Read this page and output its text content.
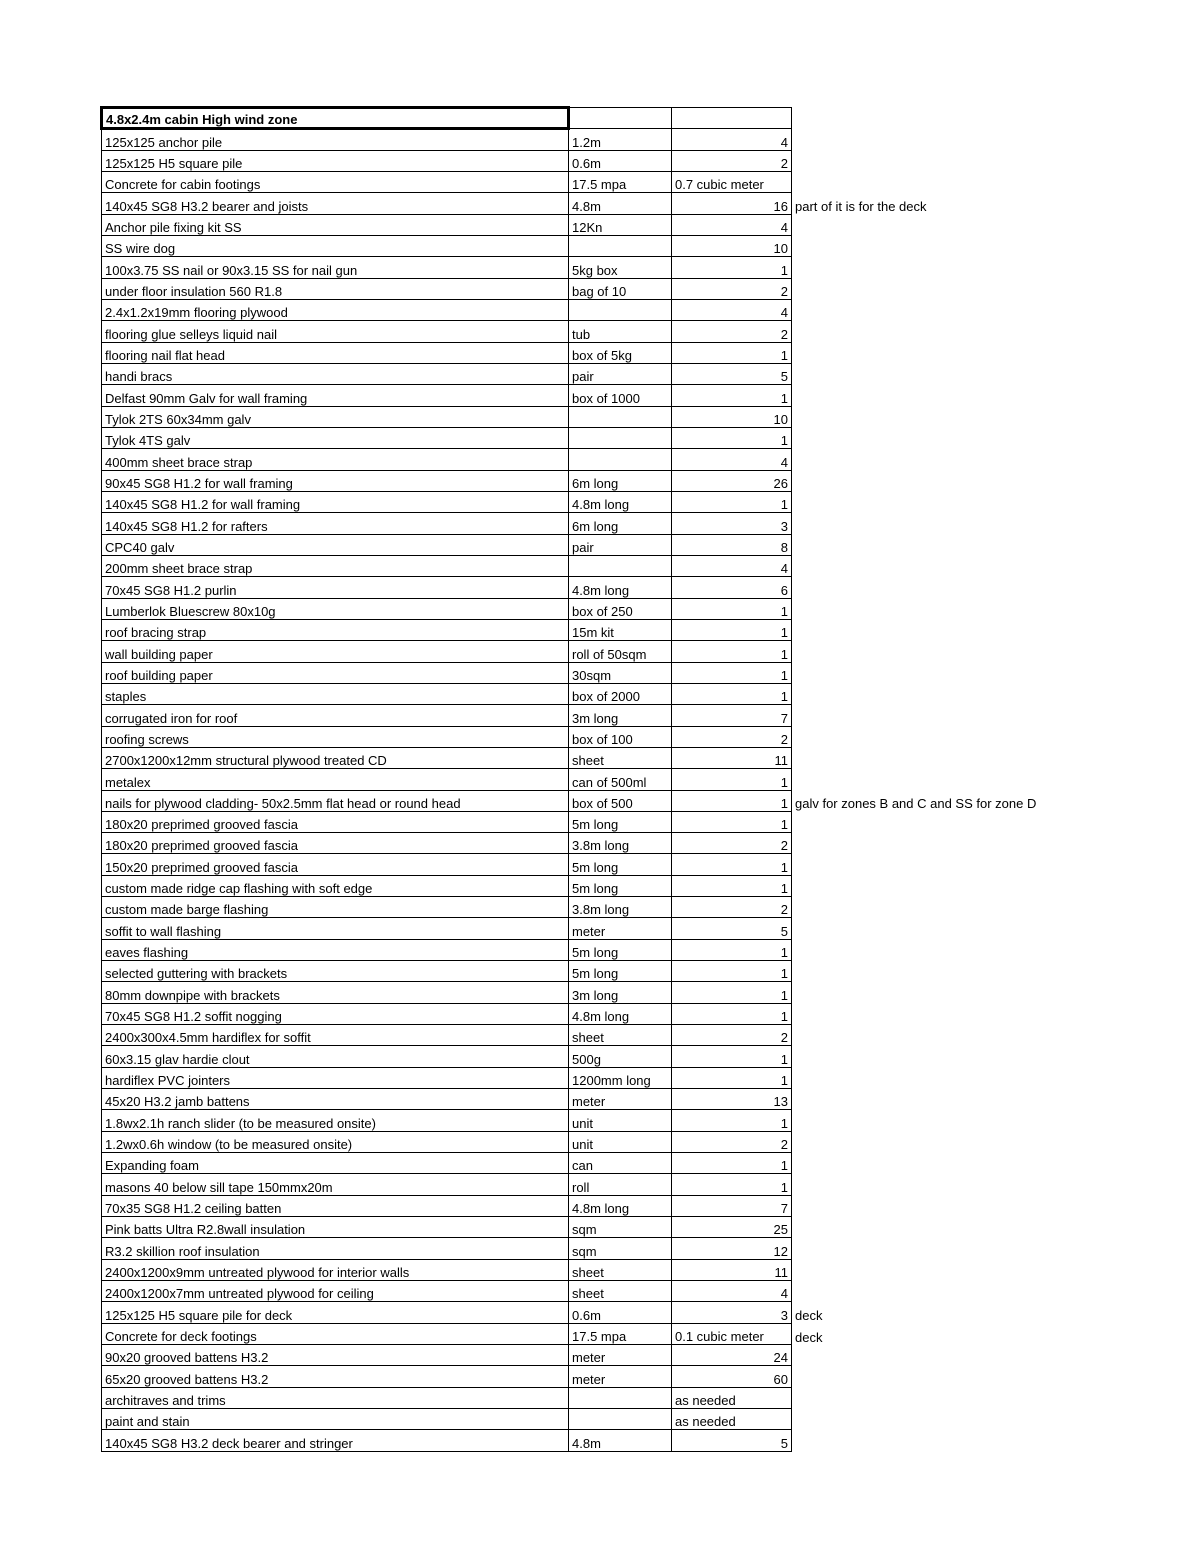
4.8x2.4m cabin High wind zone			
125x125 anchor pile	1.2m	4	
125x125 H5 square pile	0.6m	2	
Concrete for cabin footings	17.5 mpa	0.7 cubic meter	
140x45 SG8 H3.2 bearer and joists	4.8m	16	part of it is for the deck
Anchor pile fixing kit SS	12Kn	4	
SS wire dog		10	
100x3.75 SS nail or 90x3.15 SS for nail gun	5kg box	1	
under floor insulation 560 R1.8	bag of 10	2	
2.4x1.2x19mm flooring plywood		4	
flooring glue selleys liquid nail	tub	2	
flooring nail flat head	box of 5kg	1	
handi bracs	pair	5	
Delfast 90mm Galv for wall framing	box of 1000	1	
Tylok 2TS 60x34mm galv		10	
Tylok 4TS galv		1	
400mm sheet brace strap		4	
90x45 SG8 H1.2 for wall framing	6m long	26	
140x45 SG8 H1.2 for wall framing	4.8m long	1	
140x45 SG8 H1.2 for rafters	6m long	3	
CPC40 galv	pair	8	
200mm sheet brace strap		4	
70x45 SG8 H1.2 purlin	4.8m long	6	
Lumberlok Bluescrew 80x10g	box of 250	1	
roof bracing strap	15m kit	1	
wall building paper	roll of 50sqm	1	
roof building paper	30sqm	1	
staples	box of 2000	1	
corrugated iron for roof	3m long	7	
roofing screws	box of 100	2	
2700x1200x12mm structural plywood treated CD	sheet	11	
metalex	can of 500ml	1	
nails for plywood cladding- 50x2.5mm flat head or round head	box of 500	1	galv for zones B and C and SS for zone D
180x20 preprimed grooved fascia	5m long	1	
180x20 preprimed grooved fascia	3.8m long	2	
150x20 preprimed grooved fascia	5m long	1	
custom made ridge cap flashing with soft edge	5m long	1	
custom made barge flashing	3.8m long	2	
soffit to wall flashing	meter	5	
eaves flashing	5m long	1	
selected guttering with brackets	5m long	1	
80mm downpipe with brackets	3m long	1	
70x45 SG8 H1.2 soffit nogging	4.8m long	1	
2400x300x4.5mm hardiflex for soffit	sheet	2	
60x3.15 glav hardie clout	500g	1	
hardiflex PVC jointers	1200mm long	1	
45x20 H3.2 jamb battens	meter	13	
1.8wx2.1h ranch slider (to be measured onsite)	unit	1	
1.2wx0.6h window (to be measured onsite)	unit	2	
Expanding foam	can	1	
masons 40 below sill tape 150mmx20m	roll	1	
70x35 SG8 H1.2 ceiling batten	4.8m long	7	
Pink batts Ultra R2.8wall insulation	sqm	25	
R3.2 skillion roof insulation	sqm	12	
2400x1200x9mm untreated plywood for interior walls	sheet	11	
2400x1200x7mm untreated plywood for ceiling	sheet	4	
125x125 H5 square pile for deck	0.6m	3	deck
Concrete for deck footings	17.5 mpa	0.1 cubic meter	deck
90x20 grooved battens H3.2	meter	24	
65x20 grooved battens H3.2	meter	60	
architraves and trims		as needed	
paint and stain		as needed	
140x45 SG8 H3.2 deck bearer and stringer	4.8m	5	
